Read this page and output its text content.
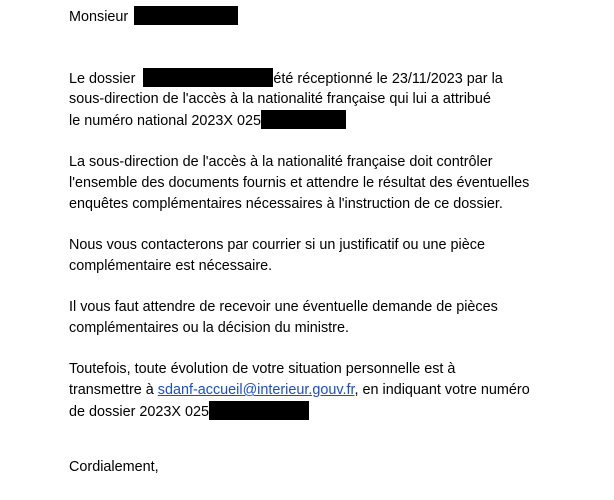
Monsieur
Le dossier	été réceptionné le 23/11/2023 par la
sous-direction de l'accès à la nationalité française qui lui a attribué
le numéro national 2023X 025
La sous-direction de l'accès à la nationalité française doit contrôler
l'ensemble des documents fournis et attendre le résultat des éventuelles
enquêtes complémentaires nécessaires à l'instruction de ce dossier.
Nous vous contacterons par courrier si un justificatif ou une pièce
complémentaire est nécessaire.
Il vous faut attendre de recevoir une éventuelle demande de pièces
complémentaires ou la décision du ministre.
Toutefois, toute évolution de votre situation personnelle est à
transmettre à sdanf-accueil@interieur.gouv.fr, en indiquant votre numéro
de dossier 2023X 025
Cordialement,
